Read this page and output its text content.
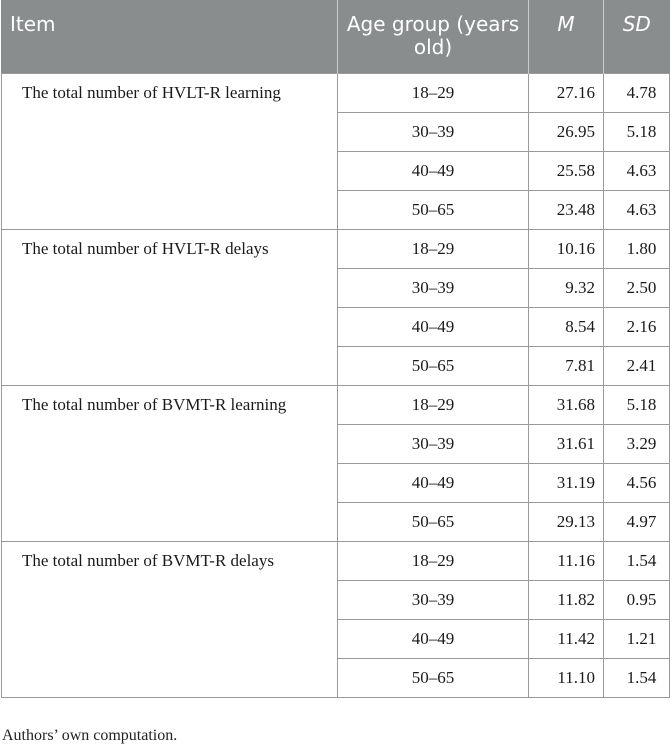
Item	Age group (years old)	M	SD
The total number of HVLT-R learning	18–29	27.16	4.78
	30–39	26.95	5.18
	40–49	25.58	4.63
	50–65	23.48	4.63
The total number of HVLT-R delays	18–29	10.16	1.80
	30–39	9.32	2.50
	40–49	8.54	2.16
	50–65	7.81	2.41
The total number of BVMT-R learning	18–29	31.68	5.18
	30–39	31.61	3.29
	40–49	31.19	4.56
	50–65	29.13	4.97
The total number of BVMT-R delays	18–29	11.16	1.54
	30–39	11.82	0.95
	40–49	11.42	1.21
	50–65	11.10	1.54
Authors’ own computation.
